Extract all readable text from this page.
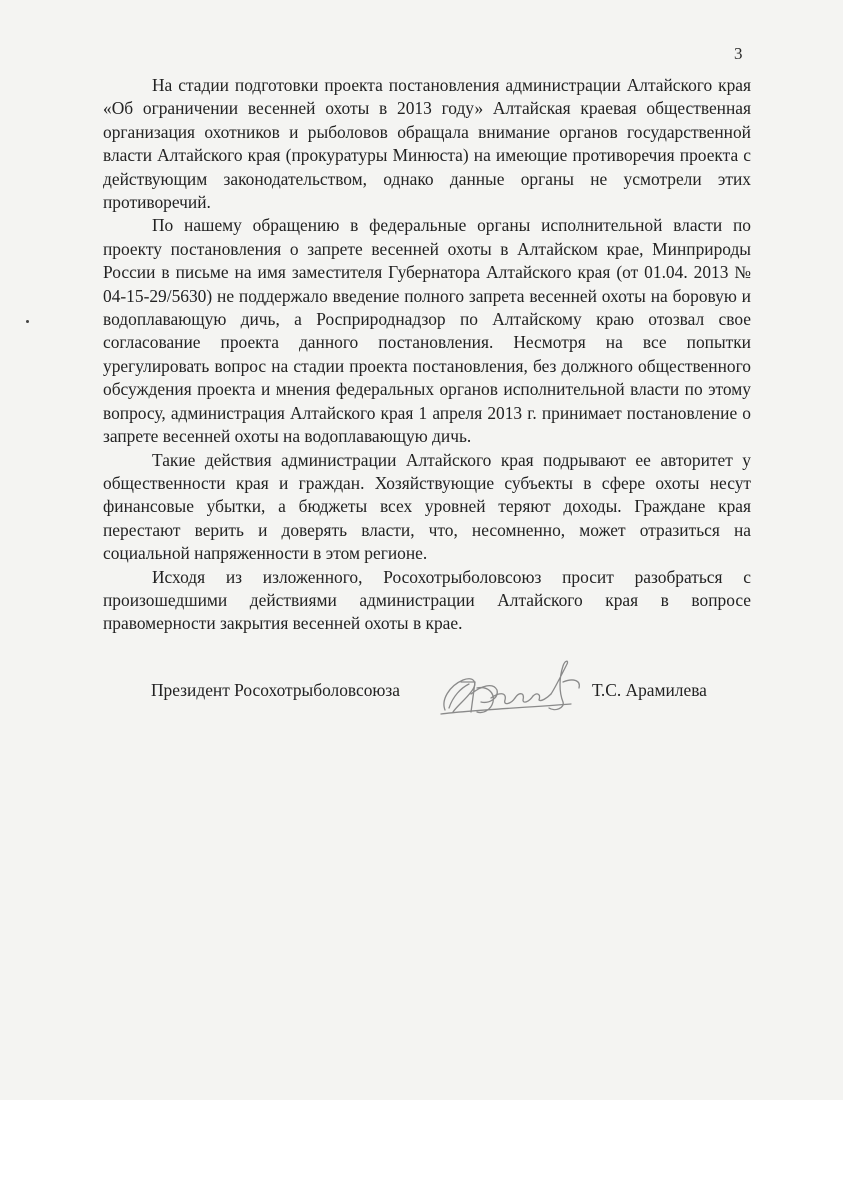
3

На стадии подготовки проекта постановления администрации Алтайского края «Об ограничении весенней охоты в 2013 году» Алтайская краевая общественная организация охотников и рыболовов обращала внимание органов государственной власти Алтайского края (прокуратуры Минюста) на имеющие противоречия проекта с действующим законодательством, однако данные органы не усмотрели этих противоречий.

По нашему обращению в федеральные органы исполнительной власти по проекту постановления о запрете весенней охоты в Алтайском крае, Минприроды России в письме на имя заместителя Губернатора Алтайского края (от 01.04. 2013 № 04-15-29/5630) не поддержало введение полного запрета весенней охоты на боровую и водоплавающую дичь, а Росприроднадзор по Алтайскому краю отозвал свое согласование проекта данного постановления. Несмотря на все попытки урегулировать вопрос на стадии проекта постановления, без должного общественного обсуждения проекта и мнения федеральных органов исполнительной власти по этому вопросу, администрация Алтайского края 1 апреля 2013 г. принимает постановление о запрете весенней охоты на водоплавающую дичь.

Такие действия администрации Алтайского края подрывают ее авторитет у общественности края и граждан. Хозяйствующие субъекты в сфере охоты несут финансовые убытки, а бюджеты всех уровней теряют доходы. Граждане края перестают верить и доверять власти, что, несомненно, может отразиться на социальной напряженности в этом регионе.

Исходя из изложенного, Росохотрыболовсоюз просит разобраться с произошедшими действиями администрации Алтайского края в вопросе правомерности закрытия весенней охоты в крае.

Президент Росохотрыболовсоюза	Т.С. Арамилева
